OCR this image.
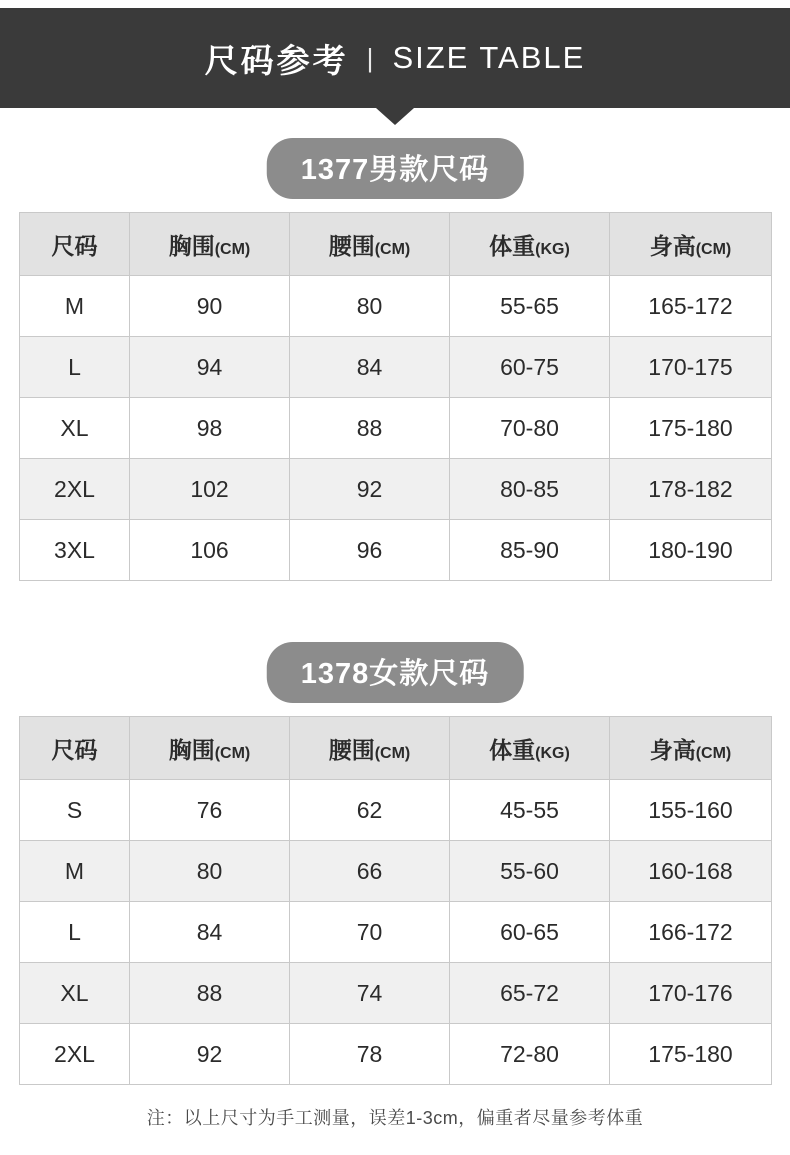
尺码参考 | SIZE TABLE
1377男款尺码
尺码	胸围(CM)	腰围(CM)	体重(KG)	身高(CM)
M	90	80	55-65	165-172
L	94	84	60-75	170-175
XL	98	88	70-80	175-180
2XL	102	92	80-85	178-182
3XL	106	96	85-90	180-190
1378女款尺码
尺码	胸围(CM)	腰围(CM)	体重(KG)	身高(CM)
S	76	62	45-55	155-160
M	80	66	55-60	160-168
L	84	70	60-65	166-172
XL	88	74	65-72	170-176
2XL	92	78	72-80	175-180
注：以上尺寸为手工测量，误差1-3cm，偏重者尽量参考体重
